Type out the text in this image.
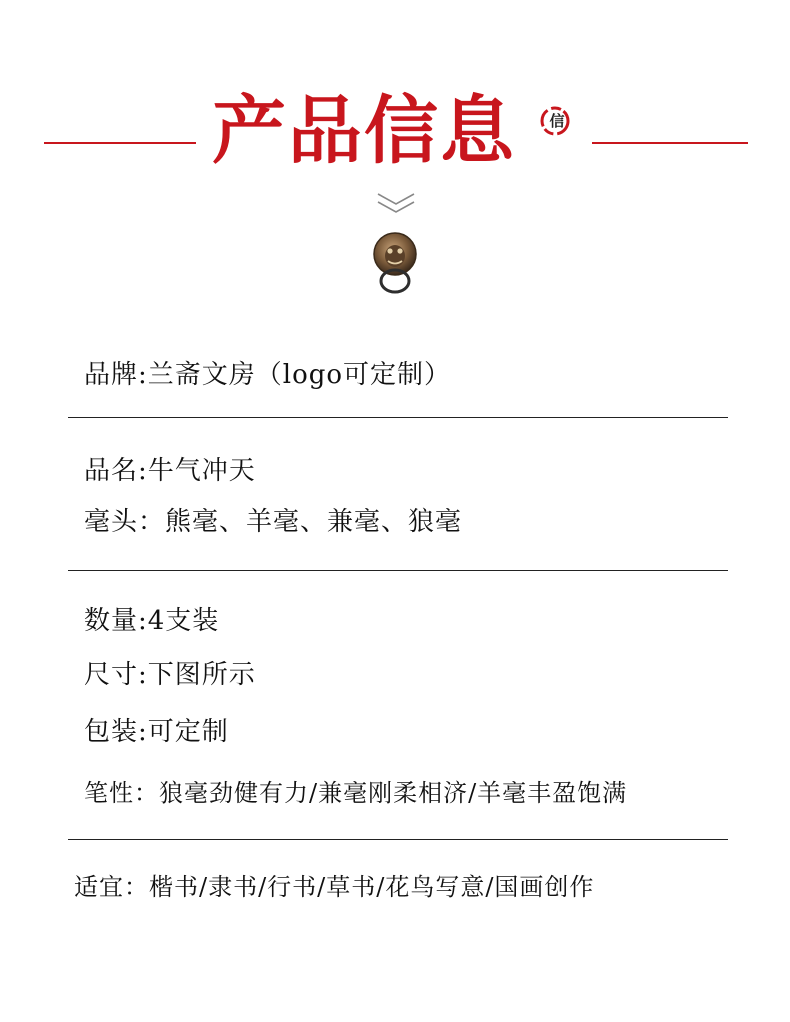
产品信息	信
品牌:兰斋文房（logo可定制）
品名:牛气冲天
毫头：熊毫、羊毫、兼毫、狼毫
数量:4支装
尺寸:下图所示
包装:可定制
笔性：狼毫劲健有力/兼毫刚柔相济/羊毫丰盈饱满
适宜：楷书/隶书/行书/草书/花鸟写意/国画创作
